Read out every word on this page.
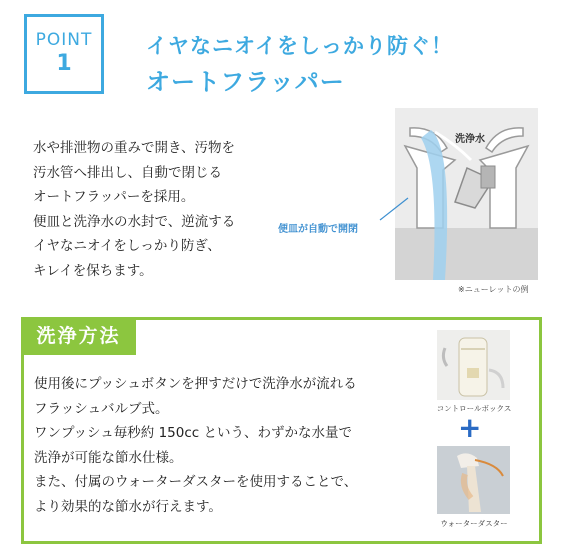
POINT
1
イヤなニオイをしっかり防ぐ！
オートフラッパー
水や排泄物の重みで開き、汚物を
汚水管へ排出し、自動で閉じる
オートフラッパーを採用。
便皿と洗浄水の水封で、逆流する
イヤなニオイをしっかり防ぎ、
キレイを保ちます。
洗浄水
便皿が自動で開閉
※ニューレットの例
洗浄方法
使用後にプッシュボタンを押すだけで洗浄水が流れる
フラッシュバルブ式。
ワンプッシュ毎秒約 150cc という、わずかな水量で
洗浄が可能な節水仕様。
また、付属のウォーターダスターを使用することで、
より効果的な節水が行えます。
コントロールボックス
+
ウォーターダスター
